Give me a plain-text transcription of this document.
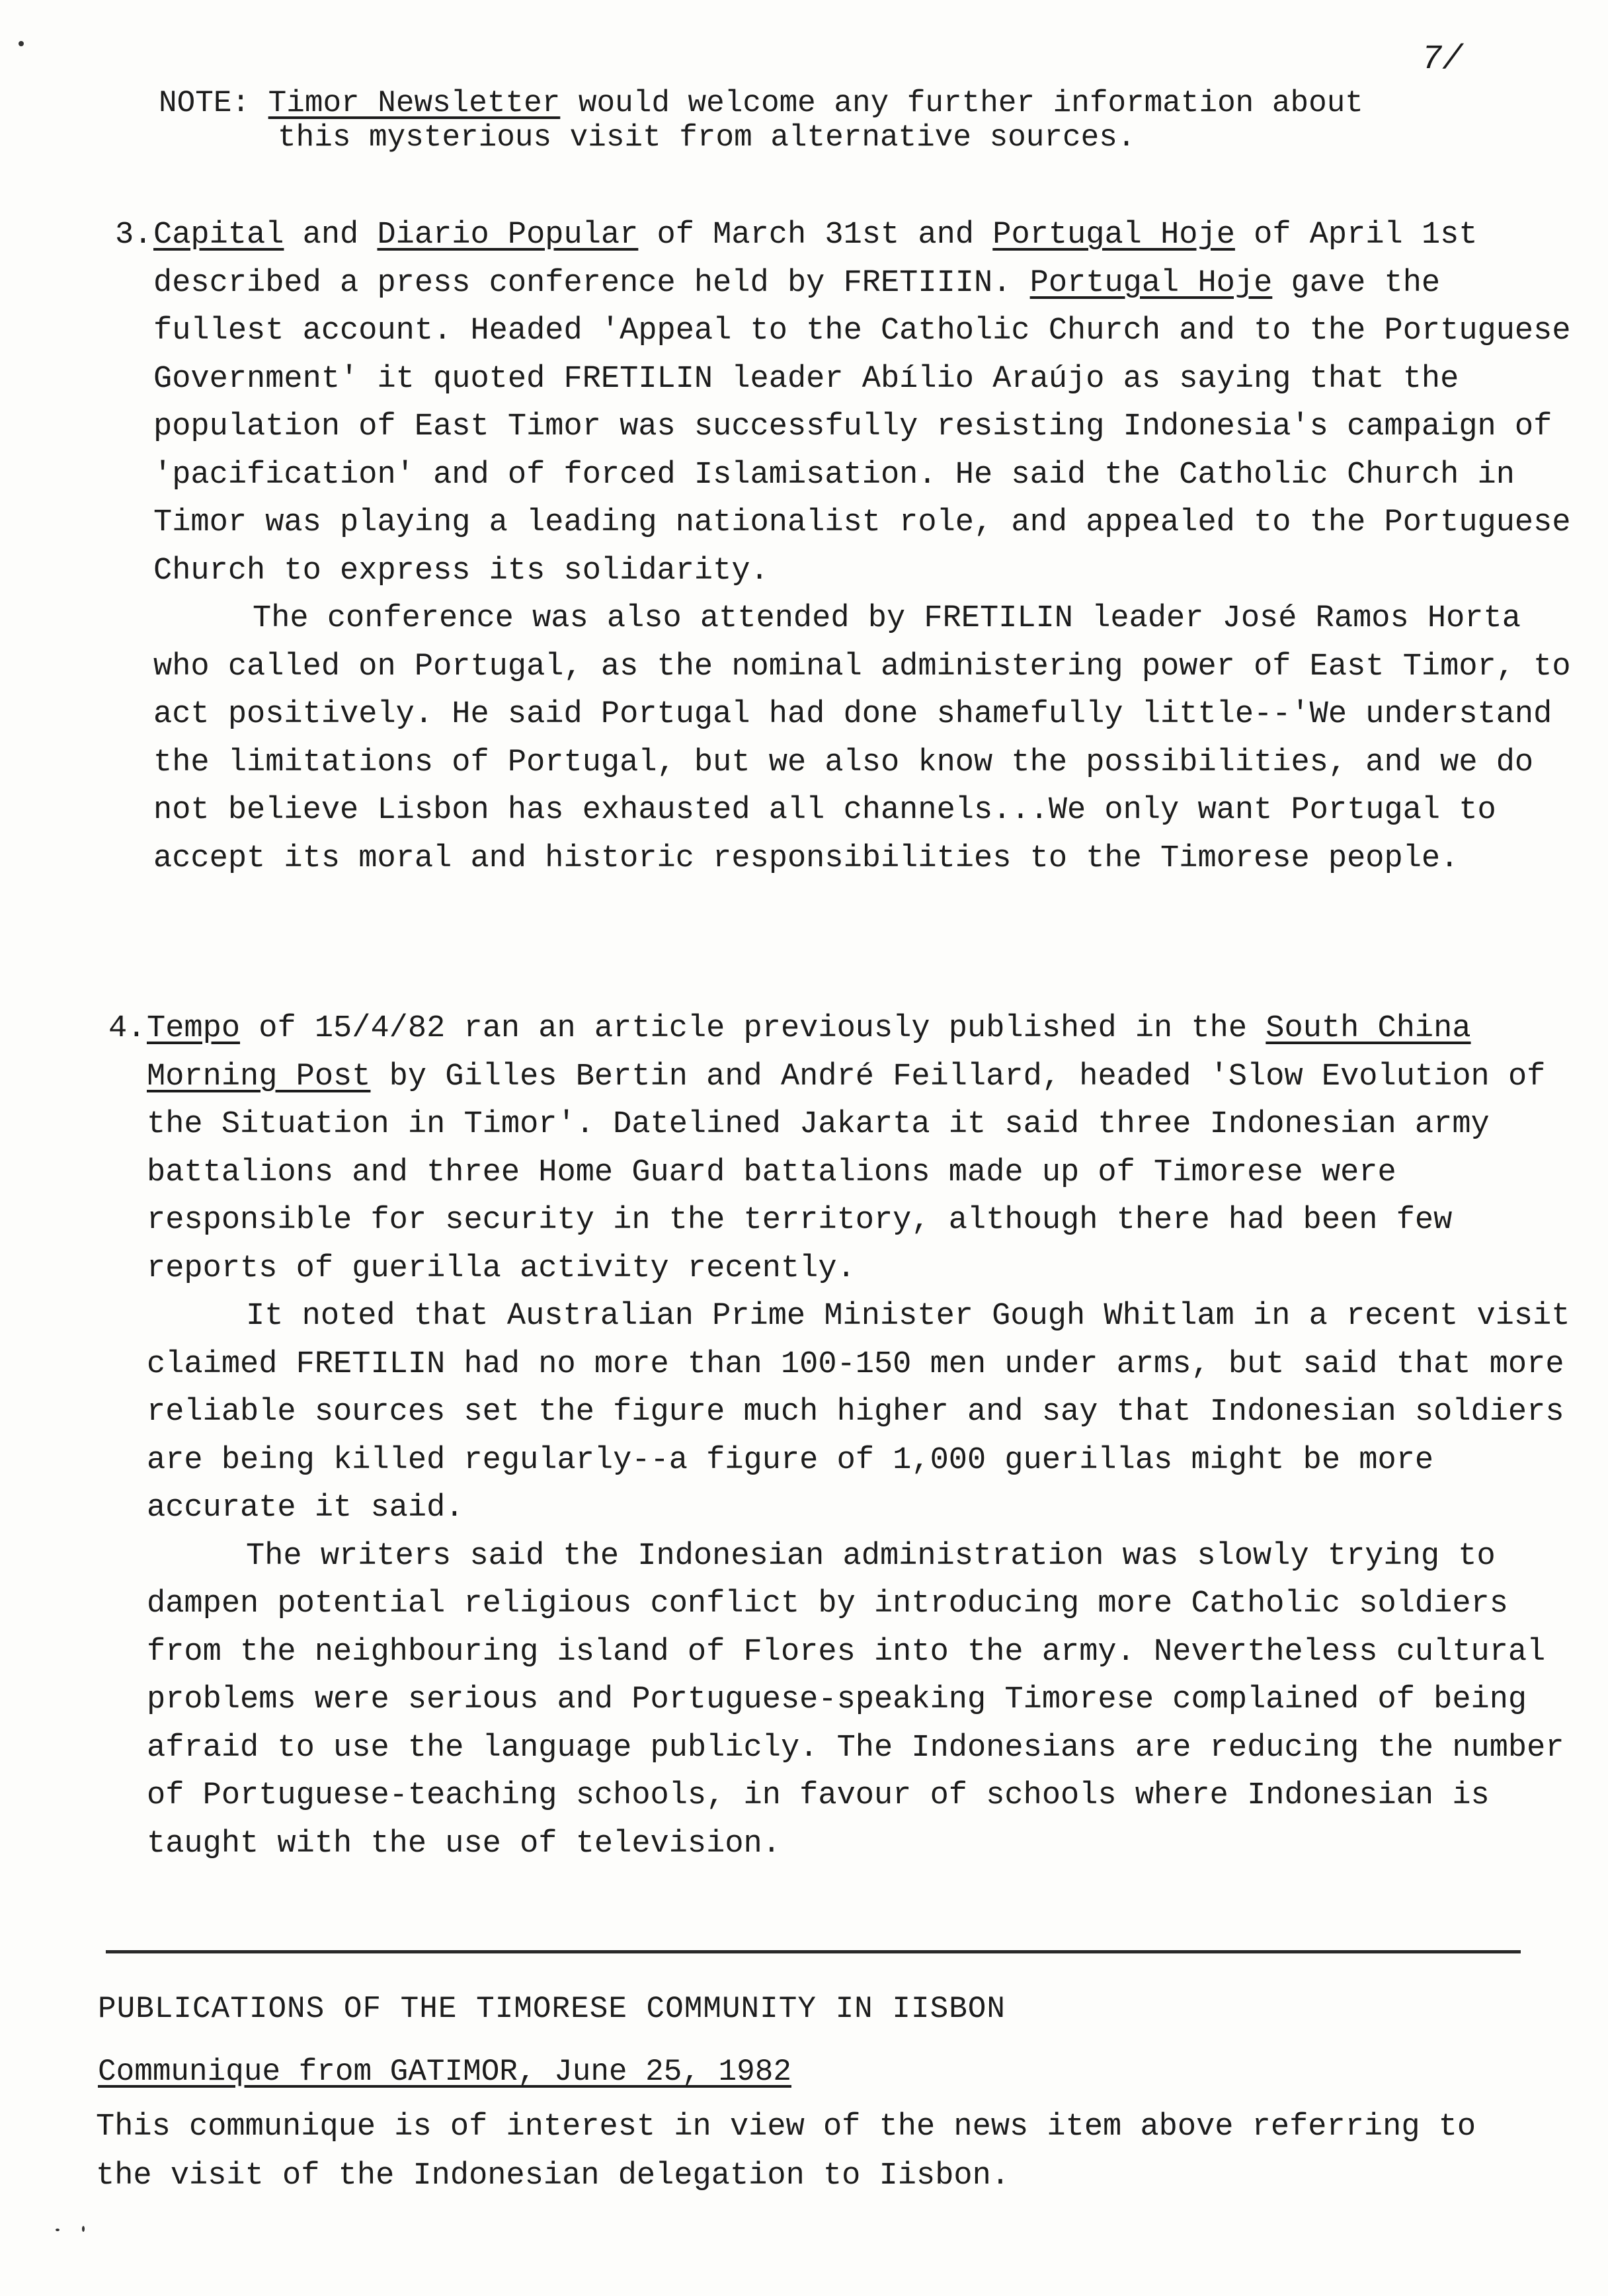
7/
NOTE: Timor Newsletter would welcome any further information about
this mysterious visit from alternative sources.
3. Capital and Diario Popular of March 31st and Portugal Hoje of April 1st described a press conference held by FRETIIIN. Portugal Hoje gave the fullest account. Headed 'Appeal to the Catholic Church and to the Portuguese Government' it quoted FRETILIN leader Abílio Araújo as saying that the population of East Timor was successfully resisting Indonesia's campaign of 'pacification' and of forced Islamisation. He said the Catholic Church in Timor was playing a leading nationalist role, and appealed to the Portuguese Church to express its solidarity.

The conference was also attended by FRETILIN leader José Ramos Horta who called on Portugal, as the nominal administering power of East Timor, to act positively. He said Portugal had done shamefully little--'We understand the limitations of Portugal, but we also know the possibilities, and we do not believe Lisbon has exhausted all channels...We only want Portugal to accept its moral and historic responsibilities to the Timorese people.

4. Tempo of 15/4/82 ran an article previously published in the South China Morning Post by Gilles Bertin and André Feillard, headed 'Slow Evolution of the Situation in Timor'. Datelined Jakarta it said three Indonesian army battalions and three Home Guard battalions made up of Timorese were responsible for security in the territory, although there had been few reports of guerilla activity recently.

It noted that Australian Prime Minister Gough Whitlam in a recent visit claimed FRETILIN had no more than 100-150 men under arms, but said that more reliable sources set the figure much higher and say that Indonesian soldiers are being killed regularly--a figure of 1,000 guerillas might be more accurate it said.

The writers said the Indonesian administration was slowly trying to dampen potential religious conflict by introducing more Catholic soldiers from the neighbouring island of Flores into the army. Nevertheless cultural problems were serious and Portuguese-speaking Timorese complained of being afraid to use the language publicly. The Indonesians are reducing the number of Portuguese-teaching schools, in favour of schools where Indonesian is taught with the use of television.

PUBLICATIONS OF THE TIMORESE COMMUNITY IN IISBON
Communique from GATIMOR, June 25, 1982
This communique is of interest in view of the news item above referring to the visit of the Indonesian delegation to Iisbon.
